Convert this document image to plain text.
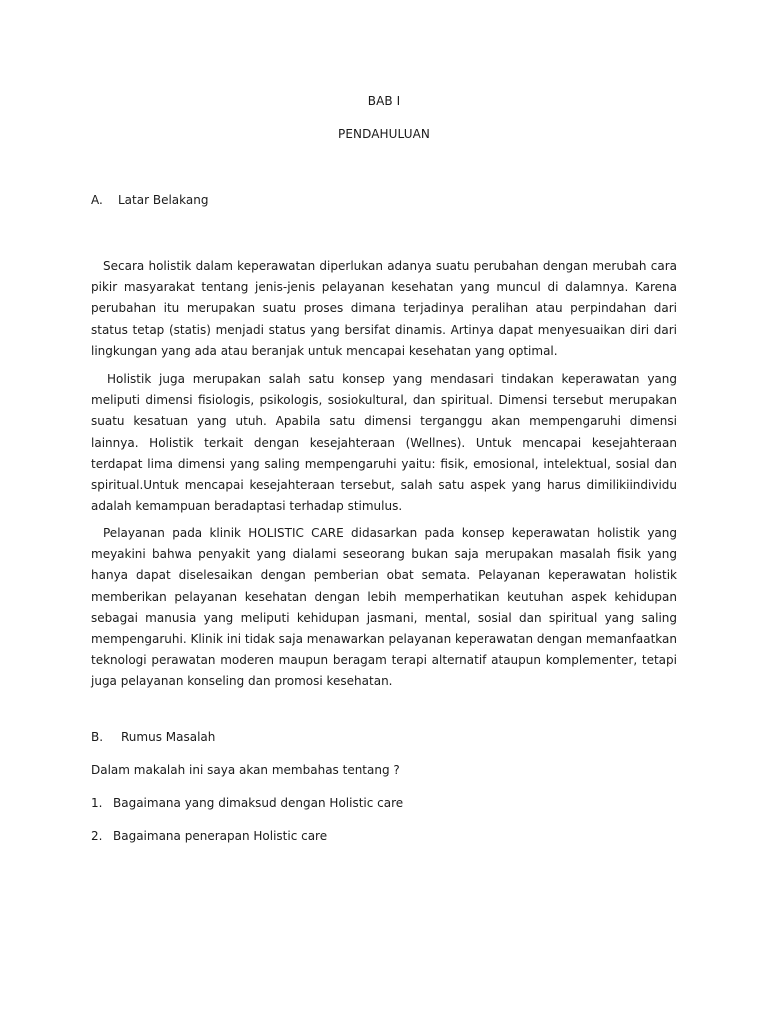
BAB I
PENDAHULUAN
A. Latar Belakang
Secara holistik dalam keperawatan diperlukan adanya suatu perubahan dengan merubah cara pikir masyarakat tentang jenis-jenis pelayanan kesehatan yang muncul di dalamnya. Karena perubahan itu merupakan suatu proses dimana terjadinya peralihan atau perpindahan dari status tetap (statis) menjadi status yang bersifat dinamis. Artinya dapat menyesuaikan diri dari lingkungan yang ada atau beranjak untuk mencapai kesehatan yang optimal.
Holistik juga merupakan salah satu konsep yang mendasari tindakan keperawatan yang meliputi dimensi fisiologis, psikologis, sosiokultural, dan spiritual. Dimensi tersebut merupakan suatu kesatuan yang utuh. Apabila satu dimensi terganggu akan mempengaruhi dimensi lainnya. Holistik terkait dengan kesejahteraan (Wellnes). Untuk mencapai kesejahteraan terdapat lima dimensi yang saling mempengaruhi yaitu: fisik, emosional, intelektual, sosial dan spiritual.Untuk mencapai kesejahteraan tersebut, salah satu aspek yang harus dimilikiindividu adalah kemampuan beradaptasi terhadap stimulus.
Pelayanan pada klinik HOLISTIC CARE didasarkan pada konsep keperawatan holistik yang meyakini bahwa penyakit yang dialami seseorang bukan saja merupakan masalah fisik yang hanya dapat diselesaikan dengan pemberian obat semata. Pelayanan keperawatan holistik memberikan pelayanan kesehatan dengan lebih memperhatikan keutuhan aspek kehidupan sebagai manusia yang meliputi kehidupan jasmani, mental, sosial dan spiritual yang saling mempengaruhi. Klinik ini tidak saja menawarkan pelayanan keperawatan dengan memanfaatkan teknologi perawatan moderen maupun beragam terapi alternatif ataupun komplementer, tetapi juga pelayanan konseling dan promosi kesehatan.
B. Rumus Masalah
Dalam makalah ini saya akan membahas tentang ?
1. Bagaimana yang dimaksud dengan Holistic care
2. Bagaimana penerapan Holistic care
